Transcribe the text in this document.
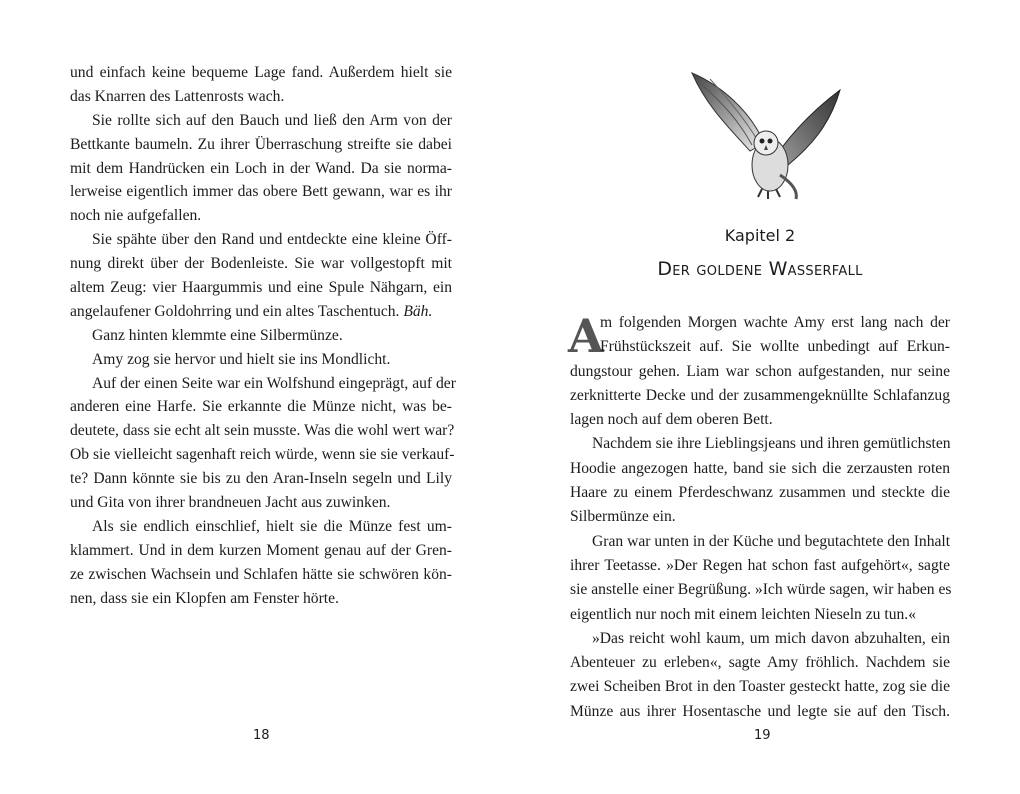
und einfach keine bequeme Lage fand. Außerdem hielt sie
das Knarren des Lattenrosts wach.
Sie rollte sich auf den Bauch und ließ den Arm von der
Bettkante baumeln. Zu ihrer Überraschung streifte sie dabei
mit dem Handrücken ein Loch in der Wand. Da sie norma-
lerweise eigentlich immer das obere Bett gewann, war es ihr
noch nie aufgefallen.
Sie spähte über den Rand und entdeckte eine kleine Öff-
nung direkt über der Bodenleiste. Sie war vollgestopft mit
altem Zeug: vier Haargummis und eine Spule Nähgarn, ein
angelaufener Goldohrring und ein altes Taschentuch. Bäh.
Ganz hinten klemmte eine Silbermünze.
Amy zog sie hervor und hielt sie ins Mondlicht.
Auf der einen Seite war ein Wolfshund eingeprägt, auf der
anderen eine Harfe. Sie erkannte die Münze nicht, was be-
deutete, dass sie echt alt sein musste. Was die wohl wert war?
Ob sie vielleicht sagenhaft reich würde, wenn sie sie verkauf-
te? Dann könnte sie bis zu den Aran-Inseln segeln und Lily
und Gita von ihrer brandneuen Jacht aus zuwinken.
Als sie endlich einschlief, hielt sie die Münze fest um-
klammert. Und in dem kurzen Moment genau auf der Gren-
ze zwischen Wachsein und Schlafen hätte sie schwören kön-
nen, dass sie ein Klopfen am Fenster hörte.
18
Kapitel 2
Der goldene Wasserfall
A
m folgenden Morgen wachte Amy erst lang nach der
Frühstückszeit auf. Sie wollte unbedingt auf Erkun-
dungstour gehen. Liam war schon aufgestanden, nur seine
zerknitterte Decke und der zusammengeknüllte Schlafanzug
lagen noch auf dem oberen Bett.
Nachdem sie ihre Lieblingsjeans und ihren gemütlichsten
Hoodie angezogen hatte, band sie sich die zerzausten roten
Haare zu einem Pferdeschwanz zusammen und steckte die
Silbermünze ein.
Gran war unten in der Küche und begutachtete den Inhalt
ihrer Teetasse. »Der Regen hat schon fast aufgehört«, sagte
sie anstelle einer Begrüßung. »Ich würde sagen, wir haben es
eigentlich nur noch mit einem leichten Nieseln zu tun.«
»Das reicht wohl kaum, um mich davon abzuhalten, ein
Abenteuer zu erleben«, sagte Amy fröhlich. Nachdem sie
zwei Scheiben Brot in den Toaster gesteckt hatte, zog sie die
Münze aus ihrer Hosentasche und legte sie auf den Tisch.
19
